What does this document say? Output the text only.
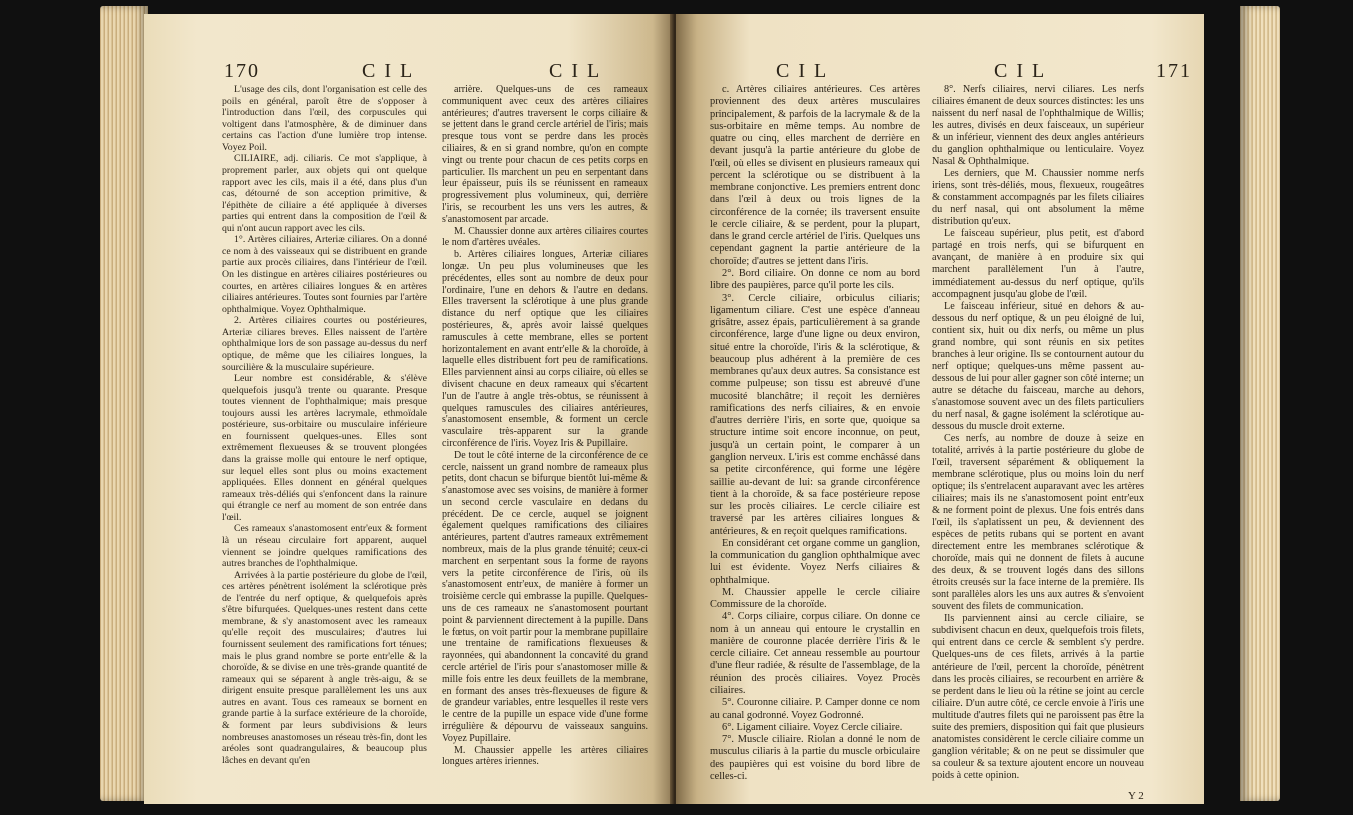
170	C I L	C I L

L'usage des cils, dont l'organisation est celle des poils en général, paroît être de s'opposer à l'introduction dans l'œil, des corpuscules qui voltigent dans l'atmosphère, & de diminuer dans certains cas l'action d'une lumière trop intense. Voyez Poil.

CILIAIRE, adj. ciliaris. Ce mot s'applique, à proprement parler, aux objets qui ont quelque rapport avec les cils, mais il a été, dans plus d'un cas, détourné de son acception primitive, & l'épithète de ciliaire a été appliquée à diverses parties qui entrent dans la composition de l'œil & qui n'ont aucun rapport avec les cils.

1°. Artères ciliaires, Arteriæ ciliares. On a donné ce nom à des vaisseaux qui se distribuent en grande partie aux procès ciliaires, dans l'intérieur de l'œil. On les distingue en artères ciliaires postérieures ou courtes, en artères ciliaires longues & en artères ciliaires antérieures. Toutes sont fournies par l'artère ophthalmique. Voyez Ophthalmique.

2. Artères ciliaires courtes ou postérieures, Arteriæ ciliares breves. Elles naissent de l'artère ophthalmique lors de son passage au-dessus du nerf optique, de même que les ciliaires longues, la sourcilière & la musculaire supérieure.

Leur nombre est considérable, & s'élève quelquefois jusqu'à trente ou quarante. Presque toutes viennent de l'ophthalmique; mais presque toujours aussi les artères lacrymale, ethmoïdale postérieure, sus-orbitaire ou musculaire inférieure en fournissent quelques-unes. Elles sont extrêmement flexueuses & se trouvent plongées dans la graisse molle qui entoure le nerf optique, sur lequel elles sont plus ou moins exactement appliquées. Elles donnent en général quelques rameaux très-déliés qui s'enfoncent dans la rainure qui étrangle ce nerf au moment de son entrée dans l'œil.

Ces rameaux s'anastomosent entr'eux & forment là un réseau circulaire fort apparent, auquel viennent se joindre quelques ramifications des autres branches de l'ophthalmique.

Arrivées à la partie postérieure du globe de l'œil, ces artères pénètrent isolément la sclérotique près de l'entrée du nerf optique, & quelquefois après s'être bifurquées. Quelques-unes restent dans cette membrane, & s'y anastomosent avec les rameaux qu'elle reçoit des musculaires; d'autres lui fournissent seulement des ramifications fort ténues; mais le plus grand nombre se porte entr'elle & la choroïde, & se divise en une très-grande quantité de rameaux qui se séparent à angle très-aigu, & se dirigent ensuite presque parallèlement les uns aux autres en avant. Tous ces rameaux se bornent en grande partie à la surface extérieure de la choroïde, & forment par leurs subdivisions & leurs nombreuses anastomoses un réseau très-fin, dont les aréoles sont quadrangulaires, & beaucoup plus lâches en devant qu'en

arrière. Quelques-uns de ces rameaux communiquent avec ceux des artères ciliaires antérieures; d'autres traversent le corps ciliaire & se jettent dans le grand cercle artériel de l'iris; mais presque tous vont se perdre dans les procès ciliaires, & en si grand nombre, qu'on en compte vingt ou trente pour chacun de ces petits corps en particulier. Ils marchent un peu en serpentant dans leur épaisseur, puis ils se réunissent en rameaux progressivement plus volumineux, qui, derrière l'iris, se recourbent les uns vers les autres, & s'anastomosent par arcade.

M. Chaussier donne aux artères ciliaires courtes le nom d'artères uvéales.

b. Artères ciliaires longues, Arteriæ ciliares longæ. Un peu plus volumineuses que les précédentes, elles sont au nombre de deux pour l'ordinaire, l'une en dehors & l'autre en dedans. Elles traversent la sclérotique à une plus grande distance du nerf optique que les ciliaires postérieures, &, après avoir laissé quelques ramuscules à cette membrane, elles se portent horizontalement en avant entr'elle & la choroïde, à laquelle elles distribuent fort peu de ramifications. Elles parviennent ainsi au corps ciliaire, où elles se divisent chacune en deux rameaux qui s'écartent l'un de l'autre à angle très-obtus, se réunissent à quelques ramuscules des ciliaires antérieures, s'anastomosent ensemble, & forment un cercle vasculaire très-apparent sur la grande circonférence de l'iris. Voyez Iris & Pupillaire.

De tout le côté interne de la circonférence de ce cercle, naissent un grand nombre de rameaux plus petits, dont chacun se bifurque bientôt lui-même & s'anastomose avec ses voisins, de manière à former un second cercle vasculaire en dedans du précédent. De ce cercle, auquel se joignent également quelques ramifications des ciliaires antérieures, partent d'autres rameaux extrêmement nombreux, mais de la plus grande ténuité; ceux-ci marchent en serpentant sous la forme de rayons vers la petite circonférence de l'iris, où ils s'anastomosent entr'eux, de manière à former un troisième cercle qui embrasse la pupille. Quelques-uns de ces rameaux ne s'anastomosent pourtant point & parviennent directement à la pupille. Dans le fœtus, on voit partir pour la membrane pupillaire une trentaine de ramifications flexueuses & rayonnées, qui abandonnent la concavité du grand cercle artériel de l'iris pour s'anastomoser mille & mille fois entre les deux feuillets de la membrane, en formant des anses très-flexueuses de figure & de grandeur variables, entre lesquelles il reste vers le centre de la pupille un espace vide d'une forme irrégulière & dépourvu de vaisseaux sanguins. Voyez Pupillaire.

M. Chaussier appelle les artères ciliaires longues artères iriennes.

C I L	C I L	171

c. Artères ciliaires antérieures. Ces artères proviennent des deux artères musculaires principalement, & parfois de la lacrymale & de la sus-orbitaire en même temps. Au nombre de quatre ou cinq, elles marchent de derrière en devant jusqu'à la partie antérieure du globe de l'œil, où elles se divisent en plusieurs rameaux qui percent la sclérotique ou se distribuent à la membrane conjonctive. Les premiers entrent donc dans l'œil à deux ou trois lignes de la circonférence de la cornée; ils traversent ensuite le cercle ciliaire, & se perdent, pour la plupart, dans le grand cercle artériel de l'iris. Quelques uns cependant gagnent la partie antérieure de la choroïde; d'autres se jettent dans l'iris.

2°. Bord ciliaire. On donne ce nom au bord libre des paupières, parce qu'il porte les cils.

3°. Cercle ciliaire, orbiculus ciliaris; ligamentum ciliare. C'est une espèce d'anneau grisâtre, assez épais, particulièrement à sa grande circonférence, large d'une ligne ou deux environ, situé entre la choroïde, l'iris & la sclérotique, & beaucoup plus adhérent à la première de ces membranes qu'aux deux autres. Sa consistance est comme pulpeuse; son tissu est abreuvé d'une mucosité blanchâtre; il reçoit les dernières ramifications des nerfs ciliaires, & en envoie d'autres derrière l'iris, en sorte que, quoique sa structure intime soit encore inconnue, on peut, jusqu'à un certain point, le comparer à un ganglion nerveux. L'iris est comme enchâssé dans sa petite circonférence, qui forme une légère saillie au-devant de lui: sa grande circonférence tient à la choroïde, & sa face postérieure repose sur les procès ciliaires. Le cercle ciliaire est traversé par les artères ciliaires longues & antérieures, & en reçoit quelques ramifications.

En considérant cet organe comme un ganglion, la communication du ganglion ophthalmique avec lui est évidente. Voyez Nerfs ciliaires & ophthalmique.

M. Chaussier appelle le cercle ciliaire Commissure de la choroïde.

4°. Corps ciliaire, corpus ciliare. On donne ce nom à un anneau qui entoure le crystallin en manière de couronne placée derrière l'iris & le cercle ciliaire. Cet anneau ressemble au pourtour d'une fleur radiée, & résulte de l'assemblage, de la réunion des procès ciliaires. Voyez Procès ciliaires.

5°. Couronne ciliaire. P. Camper donne ce nom au canal godronné. Voyez Godronné.

6°. Ligament ciliaire. Voyez Cercle ciliaire.

7°. Muscle ciliaire. Riolan a donné le nom de musculus ciliaris à la partie du muscle orbiculaire des paupières qui est voisine du bord libre de celles-ci.

8°. Nerfs ciliaires, nervi ciliares. Les nerfs ciliaires émanent de deux sources distinctes: les uns naissent du nerf nasal de l'ophthalmique de Willis; les autres, divisés en deux faisceaux, un supérieur & un inférieur, viennent des deux angles antérieurs du ganglion ophthalmique ou lenticulaire. Voyez Nasal & Ophthalmique.

Les derniers, que M. Chaussier nomme nerfs iriens, sont très-déliés, mous, flexueux, rougeâtres & constamment accompagnés par les filets ciliaires du nerf nasal, qui ont absolument la même distribution qu'eux.

Le faisceau supérieur, plus petit, est d'abord partagé en trois nerfs, qui se bifurquent en avançant, de manière à en produire six qui marchent parallèlement l'un à l'autre, immédiatement au-dessus du nerf optique, qu'ils accompagnent jusqu'au globe de l'œil.

Le faisceau inférieur, situé en dehors & au-dessous du nerf optique, & un peu éloigné de lui, contient six, huit ou dix nerfs, ou même un plus grand nombre, qui sont réunis en six petites branches à leur origine. Ils se contournent autour du nerf optique; quelques-uns même passent au-dessous de lui pour aller gagner son côté interne; un autre se détache du faisceau, marche au dehors, s'anastomose souvent avec un des filets particuliers du nerf nasal, & gagne isolément la sclérotique au-dessous du muscle droit externe.

Ces nerfs, au nombre de douze à seize en totalité, arrivés à la partie postérieure du globe de l'œil, traversent séparément & obliquement la membrane sclérotique, plus ou moins loin du nerf optique; ils s'entrelacent auparavant avec les artères ciliaires; mais ils ne s'anastomosent point entr'eux & ne forment point de plexus. Une fois entrés dans l'œil, ils s'aplatissent un peu, & deviennent des espèces de petits rubans qui se portent en avant directement entre les membranes sclérotique & choroïde, mais qui ne donnent de filets à aucune des deux, & se trouvent logés dans des sillons étroits creusés sur la face interne de la première. Ils sont parallèles alors les uns aux autres & s'envoient souvent des filets de communication.

Ils parviennent ainsi au cercle ciliaire, se subdivisent chacun en deux, quelquefois trois filets, qui entrent dans ce cercle & semblent s'y perdre. Quelques-uns de ces filets, arrivés à la partie antérieure de l'œil, percent la choroïde, pénètrent dans les procès ciliaires, se recourbent en arrière & se perdent dans le lieu où la rétine se joint au cercle ciliaire. D'un autre côté, ce cercle envoie à l'iris une multitude d'autres filets qui ne paroissent pas être la suite des premiers, disposition qui fait que plusieurs anatomistes considèrent le cercle ciliaire comme un ganglion véritable; & on ne peut se dissimuler que sa couleur & sa texture ajoutent encore un nouveau poids à cette opinion.

Y 2
